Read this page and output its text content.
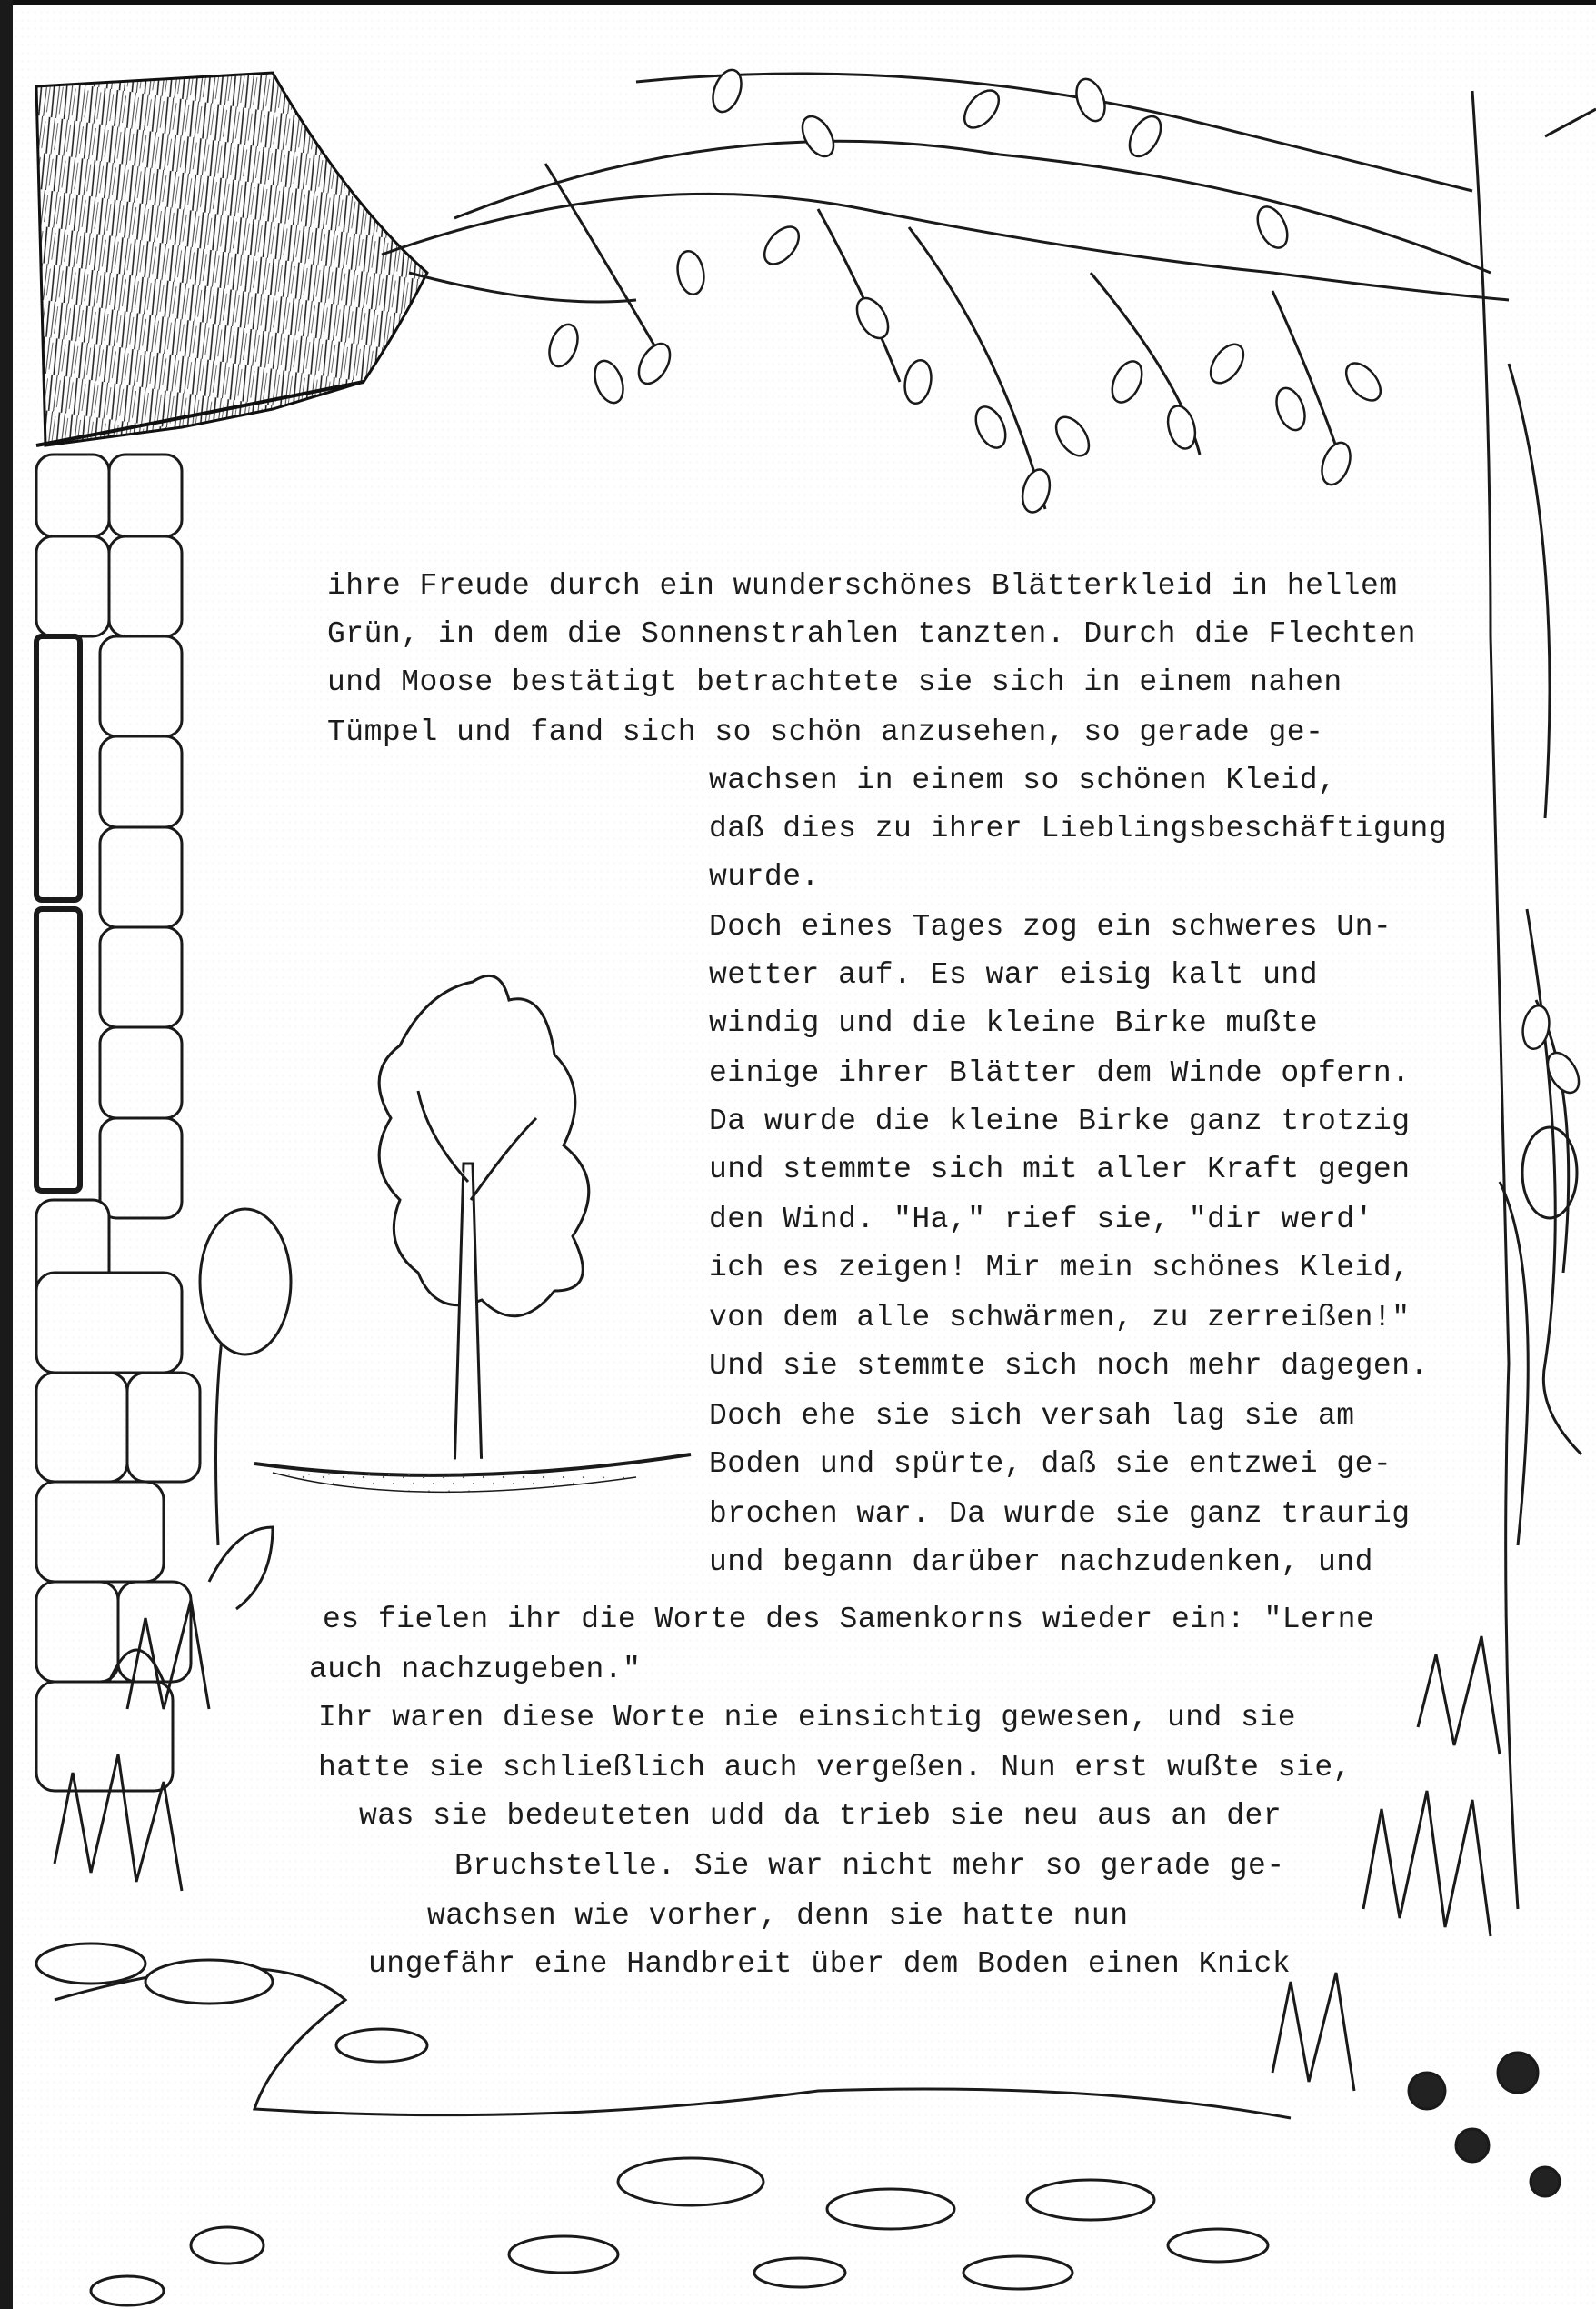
ihre Freude durch ein wunderschönes Blätterkleid in hellem
Grün, in dem die Sonnenstrahlen tanzten. Durch die Flechten
und Moose bestätigt betrachtete sie sich in einem nahen
Tümpel und fand sich so schön anzusehen, so gerade ge-
wachsen in einem so schönen Kleid,
daß dies zu ihrer Lieblingsbeschäftigung
wurde.
Doch eines Tages zog ein schweres Un-
wetter auf. Es war eisig kalt und
windig und die kleine Birke mußte
einige ihrer Blätter dem Winde opfern.
Da wurde die kleine Birke ganz trotzig
und stemmte sich mit aller Kraft gegen
den Wind. "Ha," rief sie, "dir werd'
ich es zeigen! Mir mein schönes Kleid,
von dem alle schwärmen, zu zerreißen!"
Und sie stemmte sich noch mehr dagegen.
Doch ehe sie sich versah lag sie am
Boden und spürte, daß sie entzwei ge-
brochen war. Da wurde sie ganz traurig
und begann darüber nachzudenken, und
es fielen ihr die Worte des Samenkorns wieder ein: "Lerne
auch nachzugeben."
Ihr waren diese Worte nie einsichtig gewesen, und sie
hatte sie schließlich auch vergeßen. Nun erst wußte sie,
was sie bedeuteten udd da trieb sie neu aus an der
Bruchstelle. Sie war nicht mehr so gerade ge-
wachsen wie vorher, denn sie hatte nun
ungefähr eine Handbreit über dem Boden einen Knick
